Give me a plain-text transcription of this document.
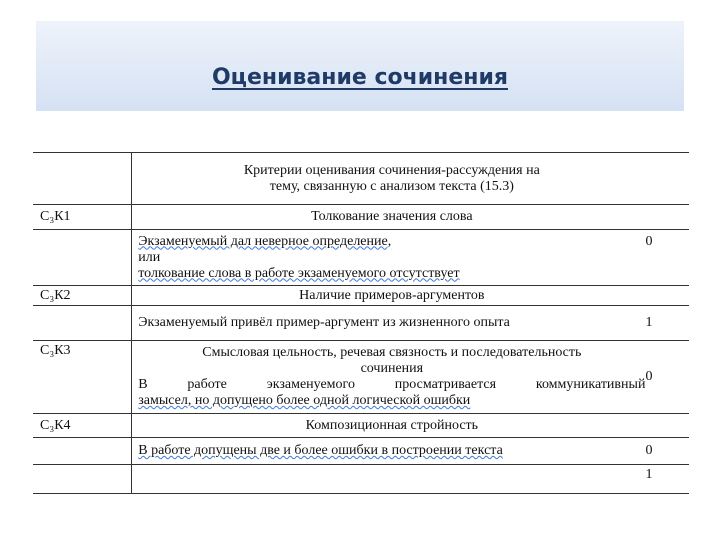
Оценивание сочинения

	Критерии оценивания сочинения-рассуждения на
тему, связанную с анализом текста (15.3)	

С₃К1	Толкование значения слова	

	Экзаменуемый дал неверное определение,
или
толкование слова в работе экзаменуемого отсутствует	0
С₃К2	Наличие примеров-аргументов	

	Экзаменуемый привёл пример-аргумент из жизненного опыта	1
С₃К3	Смысловая цельность, речевая связность и последовательность
сочинения
В работе экзаменуемого просматривается коммуникативный
замысел, но допущено более одной логической ошибки	0
С₃К4	Композиционная стройность	

	В работе допущены две и более ошибки в построении текста	0
		1
